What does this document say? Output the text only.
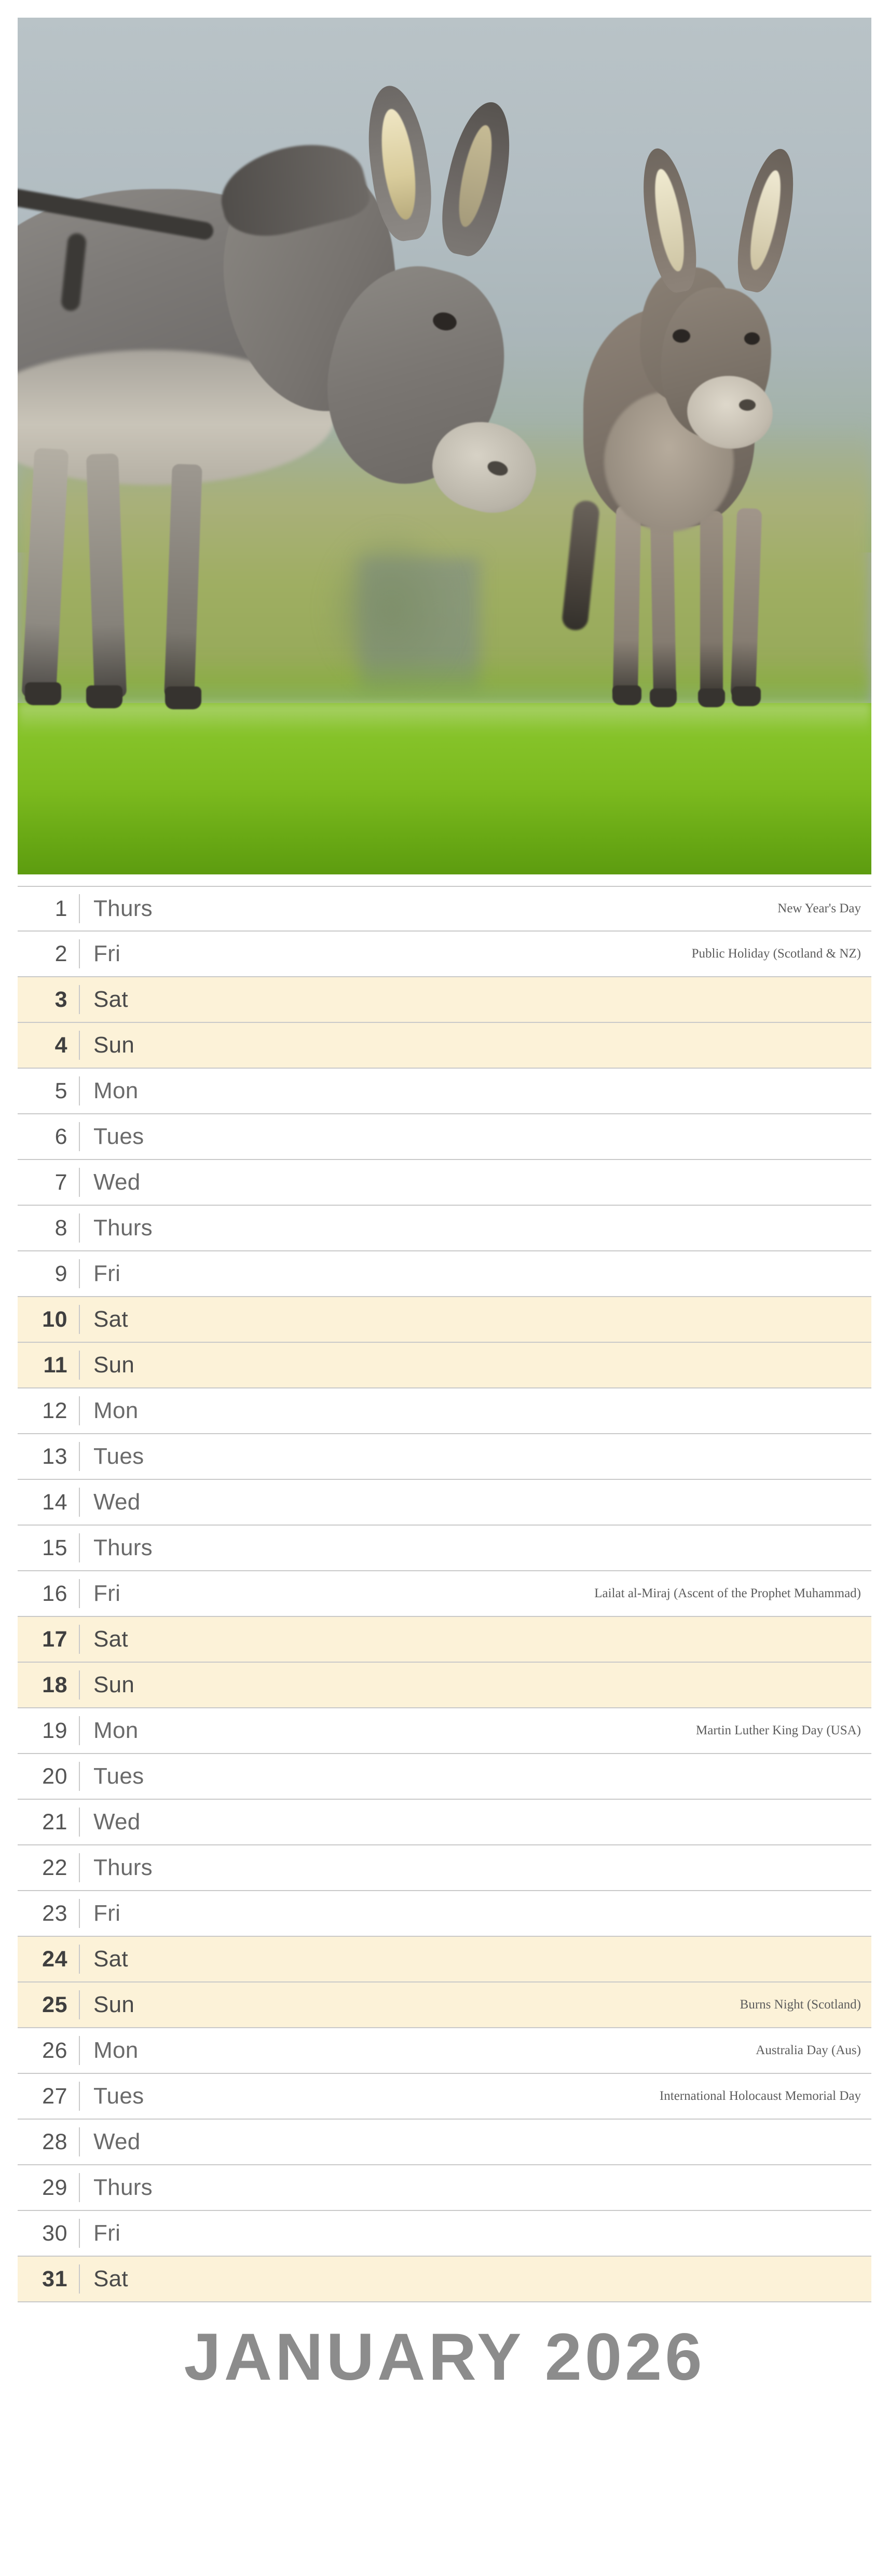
1	Thurs	New Year's Day
2	Fri	Public Holiday (Scotland & NZ)
3	Sat
4	Sun
5	Mon
6	Tues
7	Wed
8	Thurs
9	Fri
10	Sat
11	Sun
12	Mon
13	Tues
14	Wed
15	Thurs
16	Fri	Lailat al-Miraj (Ascent of the Prophet Muhammad)
17	Sat
18	Sun
19	Mon	Martin Luther King Day (USA)
20	Tues
21	Wed
22	Thurs
23	Fri
24	Sat
25	Sun	Burns Night (Scotland)
26	Mon	Australia Day (Aus)
27	Tues	International Holocaust Memorial Day
28	Wed
29	Thurs
30	Fri
31	Sat
JANUARY 2026
